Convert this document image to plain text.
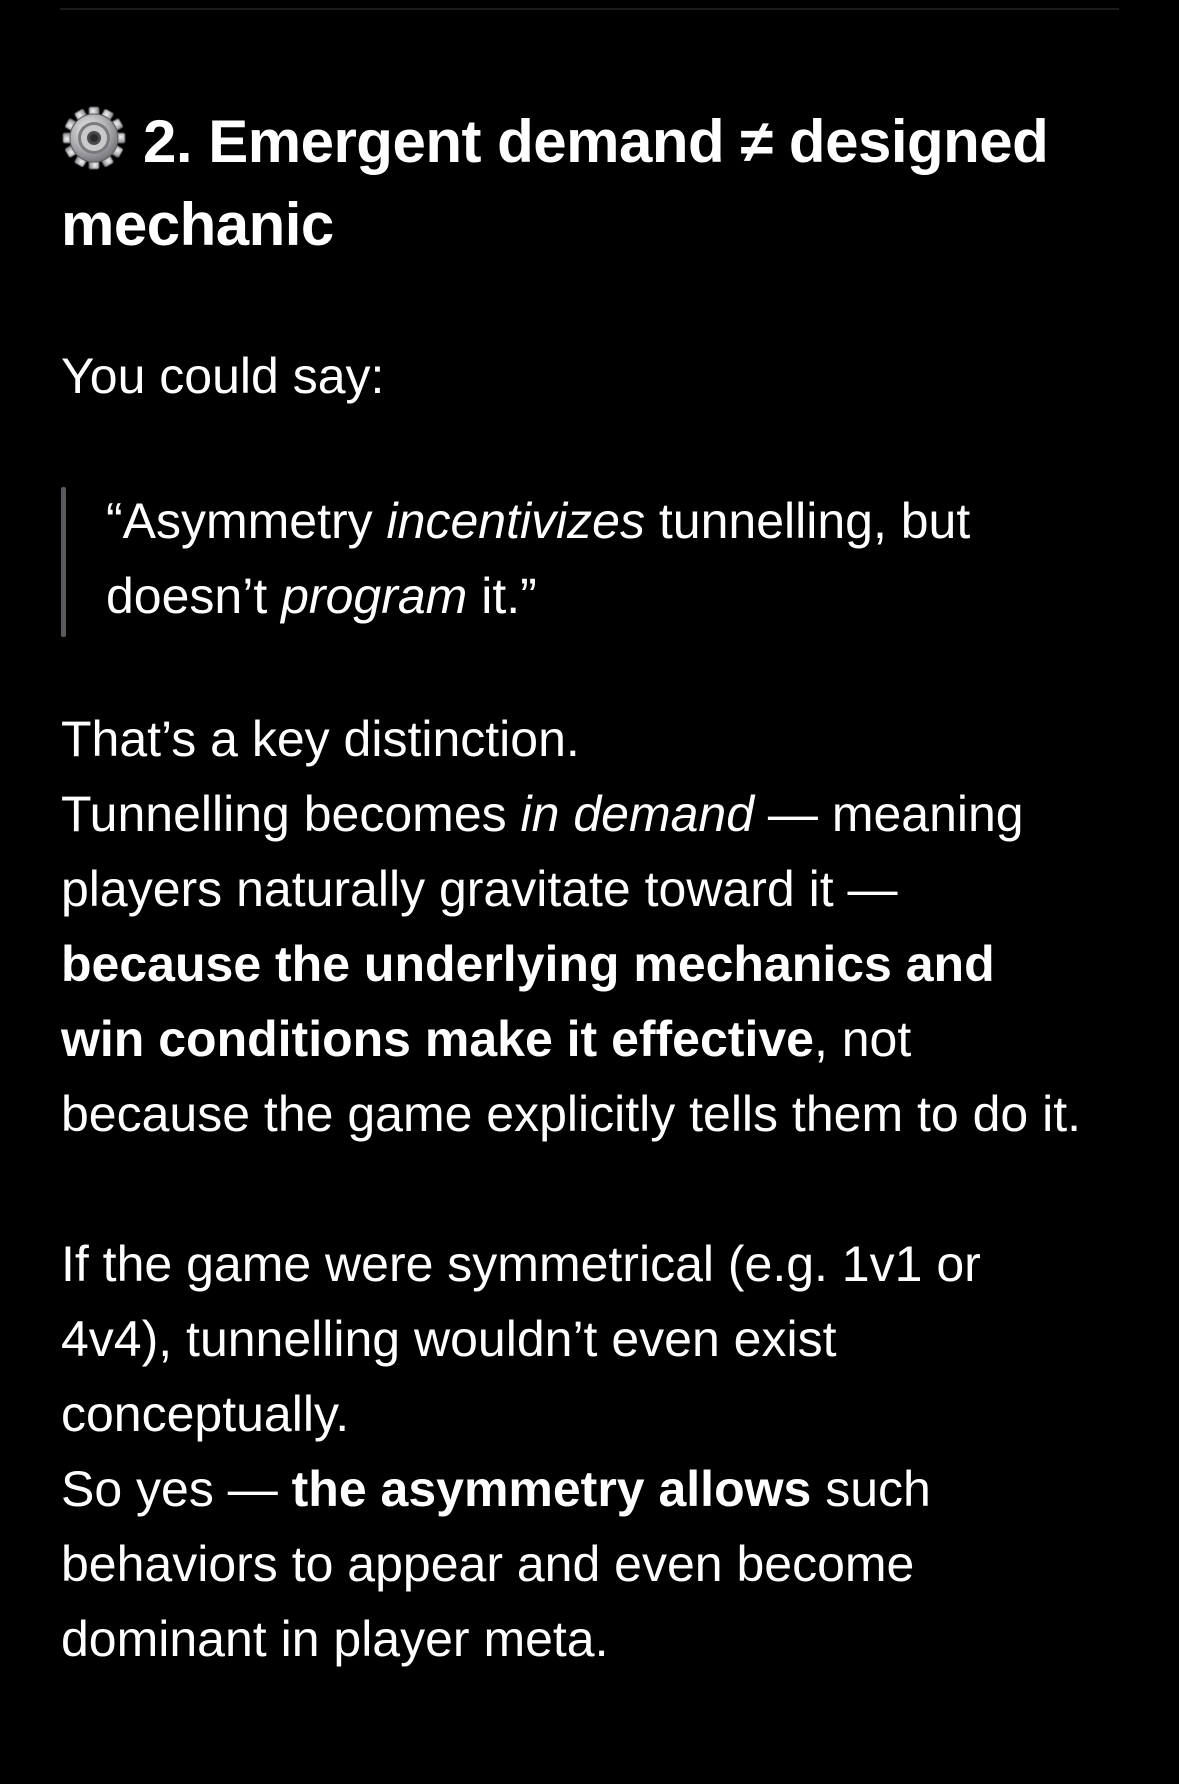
2. Emergent demand ≠ designed mechanic

You could say:

“Asymmetry incentivizes tunnelling, but doesn’t program it.”

That’s a key distinction.
Tunnelling becomes in demand — meaning players naturally gravitate toward it — because the underlying mechanics and win conditions make it effective, not because the game explicitly tells them to do it.

If the game were symmetrical (e.g. 1v1 or 4v4), tunnelling wouldn’t even exist conceptually.
So yes — the asymmetry allows such behaviors to appear and even become dominant in player meta.
